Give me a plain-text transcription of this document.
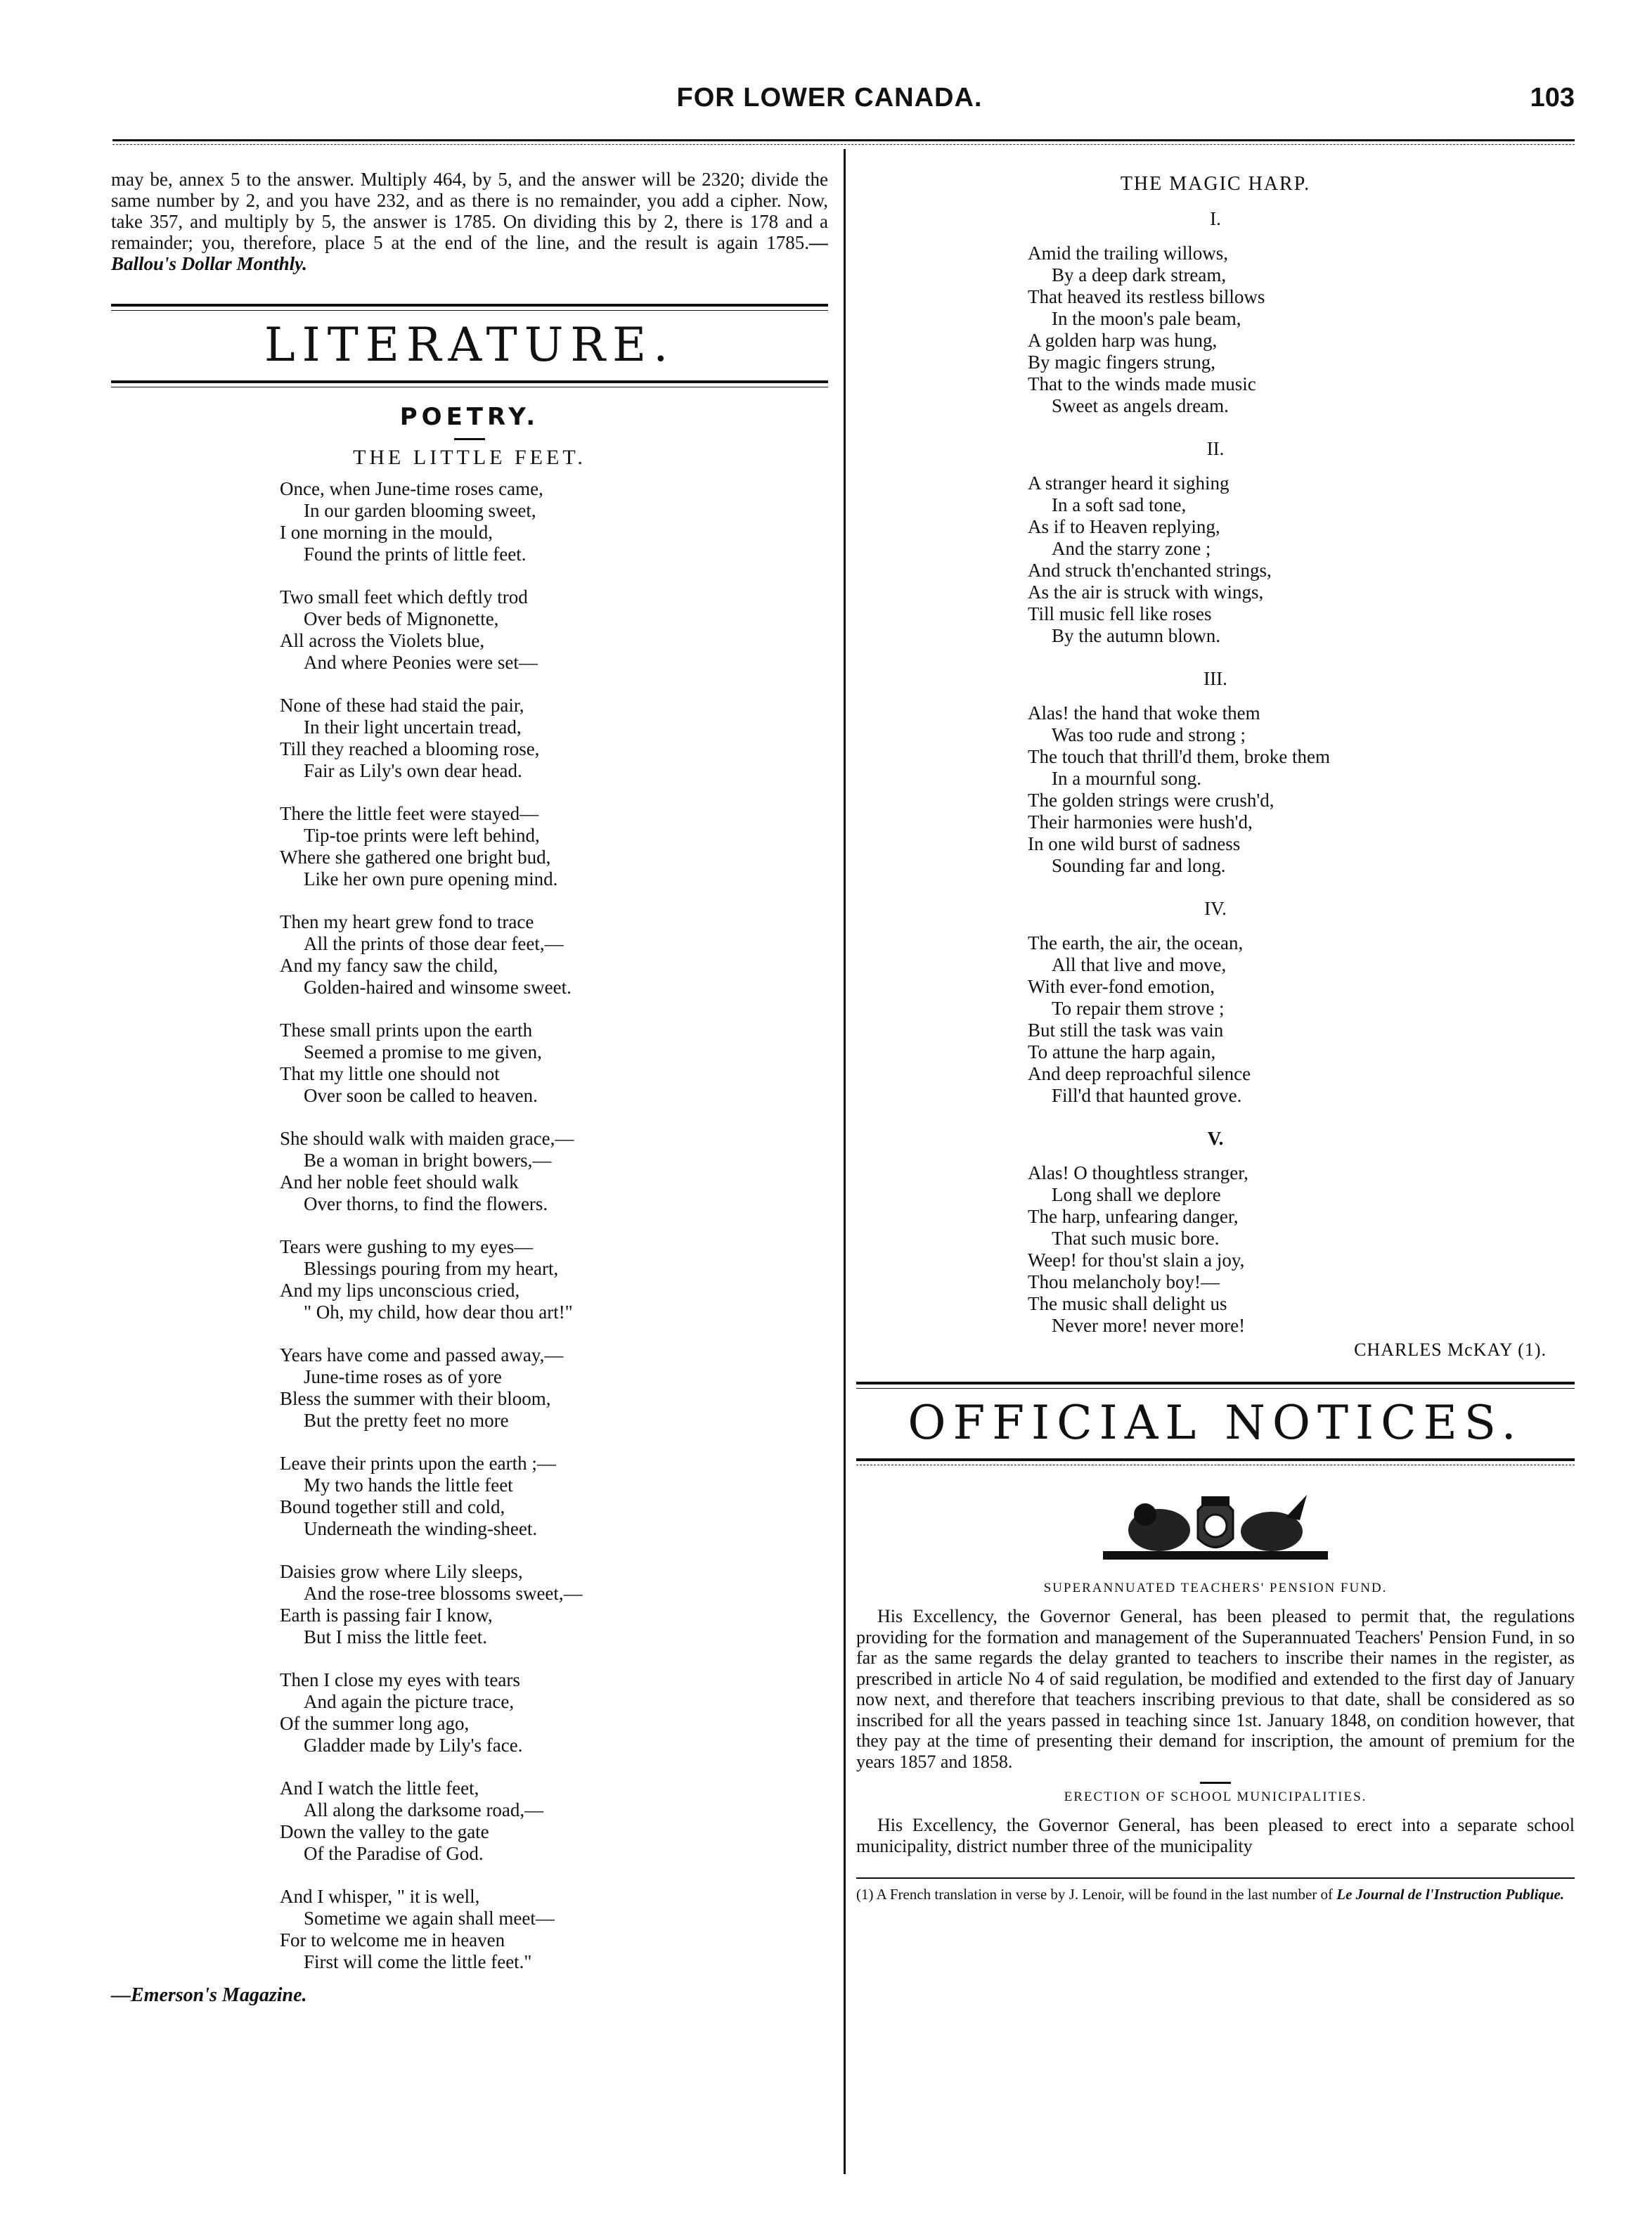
FOR LOWER CANADA.	103

may be, annex 5 to the answer. Multiply 464, by 5, and the answer will be 2320; divide the same number by 2, and you have 232, and as there is no remainder, you add a cipher. Now, take 357, and multiply by 5, the answer is 1785. On dividing this by 2, there is 178 and a remainder; you, therefore, place 5 at the end of the line, and the result is again 1785.—Ballou's Dollar Monthly.

LITERATURE.
POETRY.
THE LITTLE FEET.
Once, when June-time roses came,
In our garden blooming sweet,
I one morning in the mould,
Found the prints of little feet.
Two small feet which deftly trod
Over beds of Mignonette,
All across the Violets blue,
And where Peonies were set—
None of these had staid the pair,
In their light uncertain tread,
Till they reached a blooming rose,
Fair as Lily's own dear head.
There the little feet were stayed—
Tip-toe prints were left behind,
Where she gathered one bright bud,
Like her own pure opening mind.
Then my heart grew fond to trace
All the prints of those dear feet,—
And my fancy saw the child,
Golden-haired and winsome sweet.
These small prints upon the earth
Seemed a promise to me given,
That my little one should not
Over soon be called to heaven.
She should walk with maiden grace,—
Be a woman in bright bowers,—
And her noble feet should walk
Over thorns, to find the flowers.
Tears were gushing to my eyes—
Blessings pouring from my heart,
And my lips unconscious cried,
" Oh, my child, how dear thou art!"
Years have come and passed away,—
June-time roses as of yore
Bless the summer with their bloom,
But the pretty feet no more
Leave their prints upon the earth ;—
My two hands the little feet
Bound together still and cold,
Underneath the winding-sheet.
Daisies grow where Lily sleeps,
And the rose-tree blossoms sweet,—
Earth is passing fair I know,
But I miss the little feet.
Then I close my eyes with tears
And again the picture trace,
Of the summer long ago,
Gladder made by Lily's face.
And I watch the little feet,
All along the darksome road,—
Down the valley to the gate
Of the Paradise of God.
And I whisper, " it is well,
Sometime we again shall meet—
For to welcome me in heaven
First will come the little feet."
—Emerson's Magazine.
THE MAGIC HARP.
I.
Amid the trailing willows,
By a deep dark stream,
That heaved its restless billows
In the moon's pale beam,
A golden harp was hung,
By magic fingers strung,
That to the winds made music
Sweet as angels dream.
II.
A stranger heard it sighing
In a soft sad tone,
As if to Heaven replying,
And the starry zone ;
And struck th'enchanted strings,
As the air is struck with wings,
Till music fell like roses
By the autumn blown.
III.
Alas! the hand that woke them
Was too rude and strong ;
The touch that thrill'd them, broke them
In a mournful song.
The golden strings were crush'd,
Their harmonies were hush'd,
In one wild burst of sadness
Sounding far and long.
IV.
The earth, the air, the ocean,
All that live and move,
With ever-fond emotion,
To repair them strove ;
But still the task was vain
To attune the harp again,
And deep reproachful silence
Fill'd that haunted grove.
V.
Alas! O thoughtless stranger,
Long shall we deplore
The harp, unfearing danger,
That such music bore.
Weep! for thou'st slain a joy,
Thou melancholy boy!—
The music shall delight us
Never more! never more!
CHARLES McKAY (1).
OFFICIAL NOTICES.
SUPERANNUATED TEACHERS' PENSION FUND.

His Excellency, the Governor General, has been pleased to permit that, the regulations providing for the formation and management of the Superannuated Teachers' Pension Fund, in so far as the same regards the delay granted to teachers to inscribe their names in the register, as prescribed in article No 4 of said regulation, be modified and extended to the first day of January now next, and therefore that teachers inscribing previous to that date, shall be considered as so inscribed for all the years passed in teaching since 1st. January 1848, on condition however, that they pay at the time of presenting their demand for inscription, the amount of premium for the years 1857 and 1858.

ERECTION OF SCHOOL MUNICIPALITIES.

His Excellency, the Governor General, has been pleased to erect into a separate school municipality, district number three of the municipality

(1) A French translation in verse by J. Lenoir, will be found in the last number of Le Journal de l'Instruction Publique.
